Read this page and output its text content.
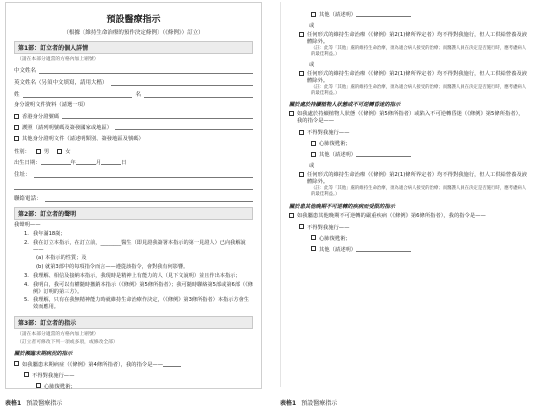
預設醫療指示
（根據〔維持生命治療的預作決定條例〕（《條例》）訂立）
第1部：訂立者的個人詳情
（請在本部分適當的方格內加上剔號）
中文姓名
英文姓名（另須中文填寫，請用大楷）
姓	名
身分證明文件資料（請選一項）
香港身分證號碼
護照（請列明號碼及簽發國家或地區）
其他身分證明文件（請述明類別、簽發地區及號碼）
性別：	男	女
出生日期：	年	月	日
住址：
聯絡電話：
第2部：訂立者的聲明
我聲明——
1. 我年滿18歲；
2. 我在訂立本指示，在訂立前，________醫生（即見證我簽署本指示的第一見證人）已向我解說——
(a) 本指示的性質；及
(b) 就第3部中的每項指令而言——遵從該指令，會對我有何影響。
3. 我理解、相信及接納本指示，我現時是精神上有能力的人（見下文說明）並且作出本指示；
4. 我明白，我可以有權隨時撤銷本指示（《條例》第5條所指者）；我可隨時聯絡第5部或第6部（《條例》訂明的第三方）。
5. 我理解，只有在我無精神能力時就維持生命治療作決定，（《條例》第3條所指者）本指示方會生效而應用。
第3部：訂立者的指示
（請在本部分適當的方格內加上剔號）
（訂立者可修改下列一項或多項，或修改全部）
關於瀕臨末期病況的指示
如我屬患末期病症（《條例》第4條所指者），我的指令是——
不得對我施行——
心肺復甦術；
其他（請述明）
或
任何形式的維持生命治療（《條例》第2(1)條所界定者）均不得對我施行，但人工供給營養及液體除外。
（註：此等「其他」處的維持生命治療，須為適合病人接受的治療；而醫護人員在決定是否施行時，應考慮病人的最佳利益。）
或
任何形式的維持生命治療（《條例》第2(1)條所界定者）均不得對我施行，但人工供給營養及液體除外。
（註：此等「其他」處的維持生命治療，須為適合病人接受的治療；而醫護人員在決定是否施行時，應考慮病人的最佳利益。）
關於處於持續植物人狀態或不可逆轉昏迷的指示
如我處於持續植物人狀態（《條例》第5條所指者）或陷入不可逆轉昏迷（《條例》第5條所指者），我的指令是——
不得對我施行——
心肺復甦術；
其他（請述明）
或
任何形式的維持生命治療（《條例》第2(1)條所界定者）均不得對我施行，但人工供給營養及液體除外。
（註：此等「其他」處的維持生命治療，須為適合病人接受的治療；而醫護人員在決定是否施行時，應考慮病人的最佳利益。）
關於患其他晚期不可逆轉的疾病而受限的指示
如我屬患其他晚期不可逆轉的嚴重疾病（《條例》第6條所指者），我的指令是——
不得對我施行——
心肺復甦術；
其他（請述明）
表格1 預設醫療指示	表格1 預設醫療指示
